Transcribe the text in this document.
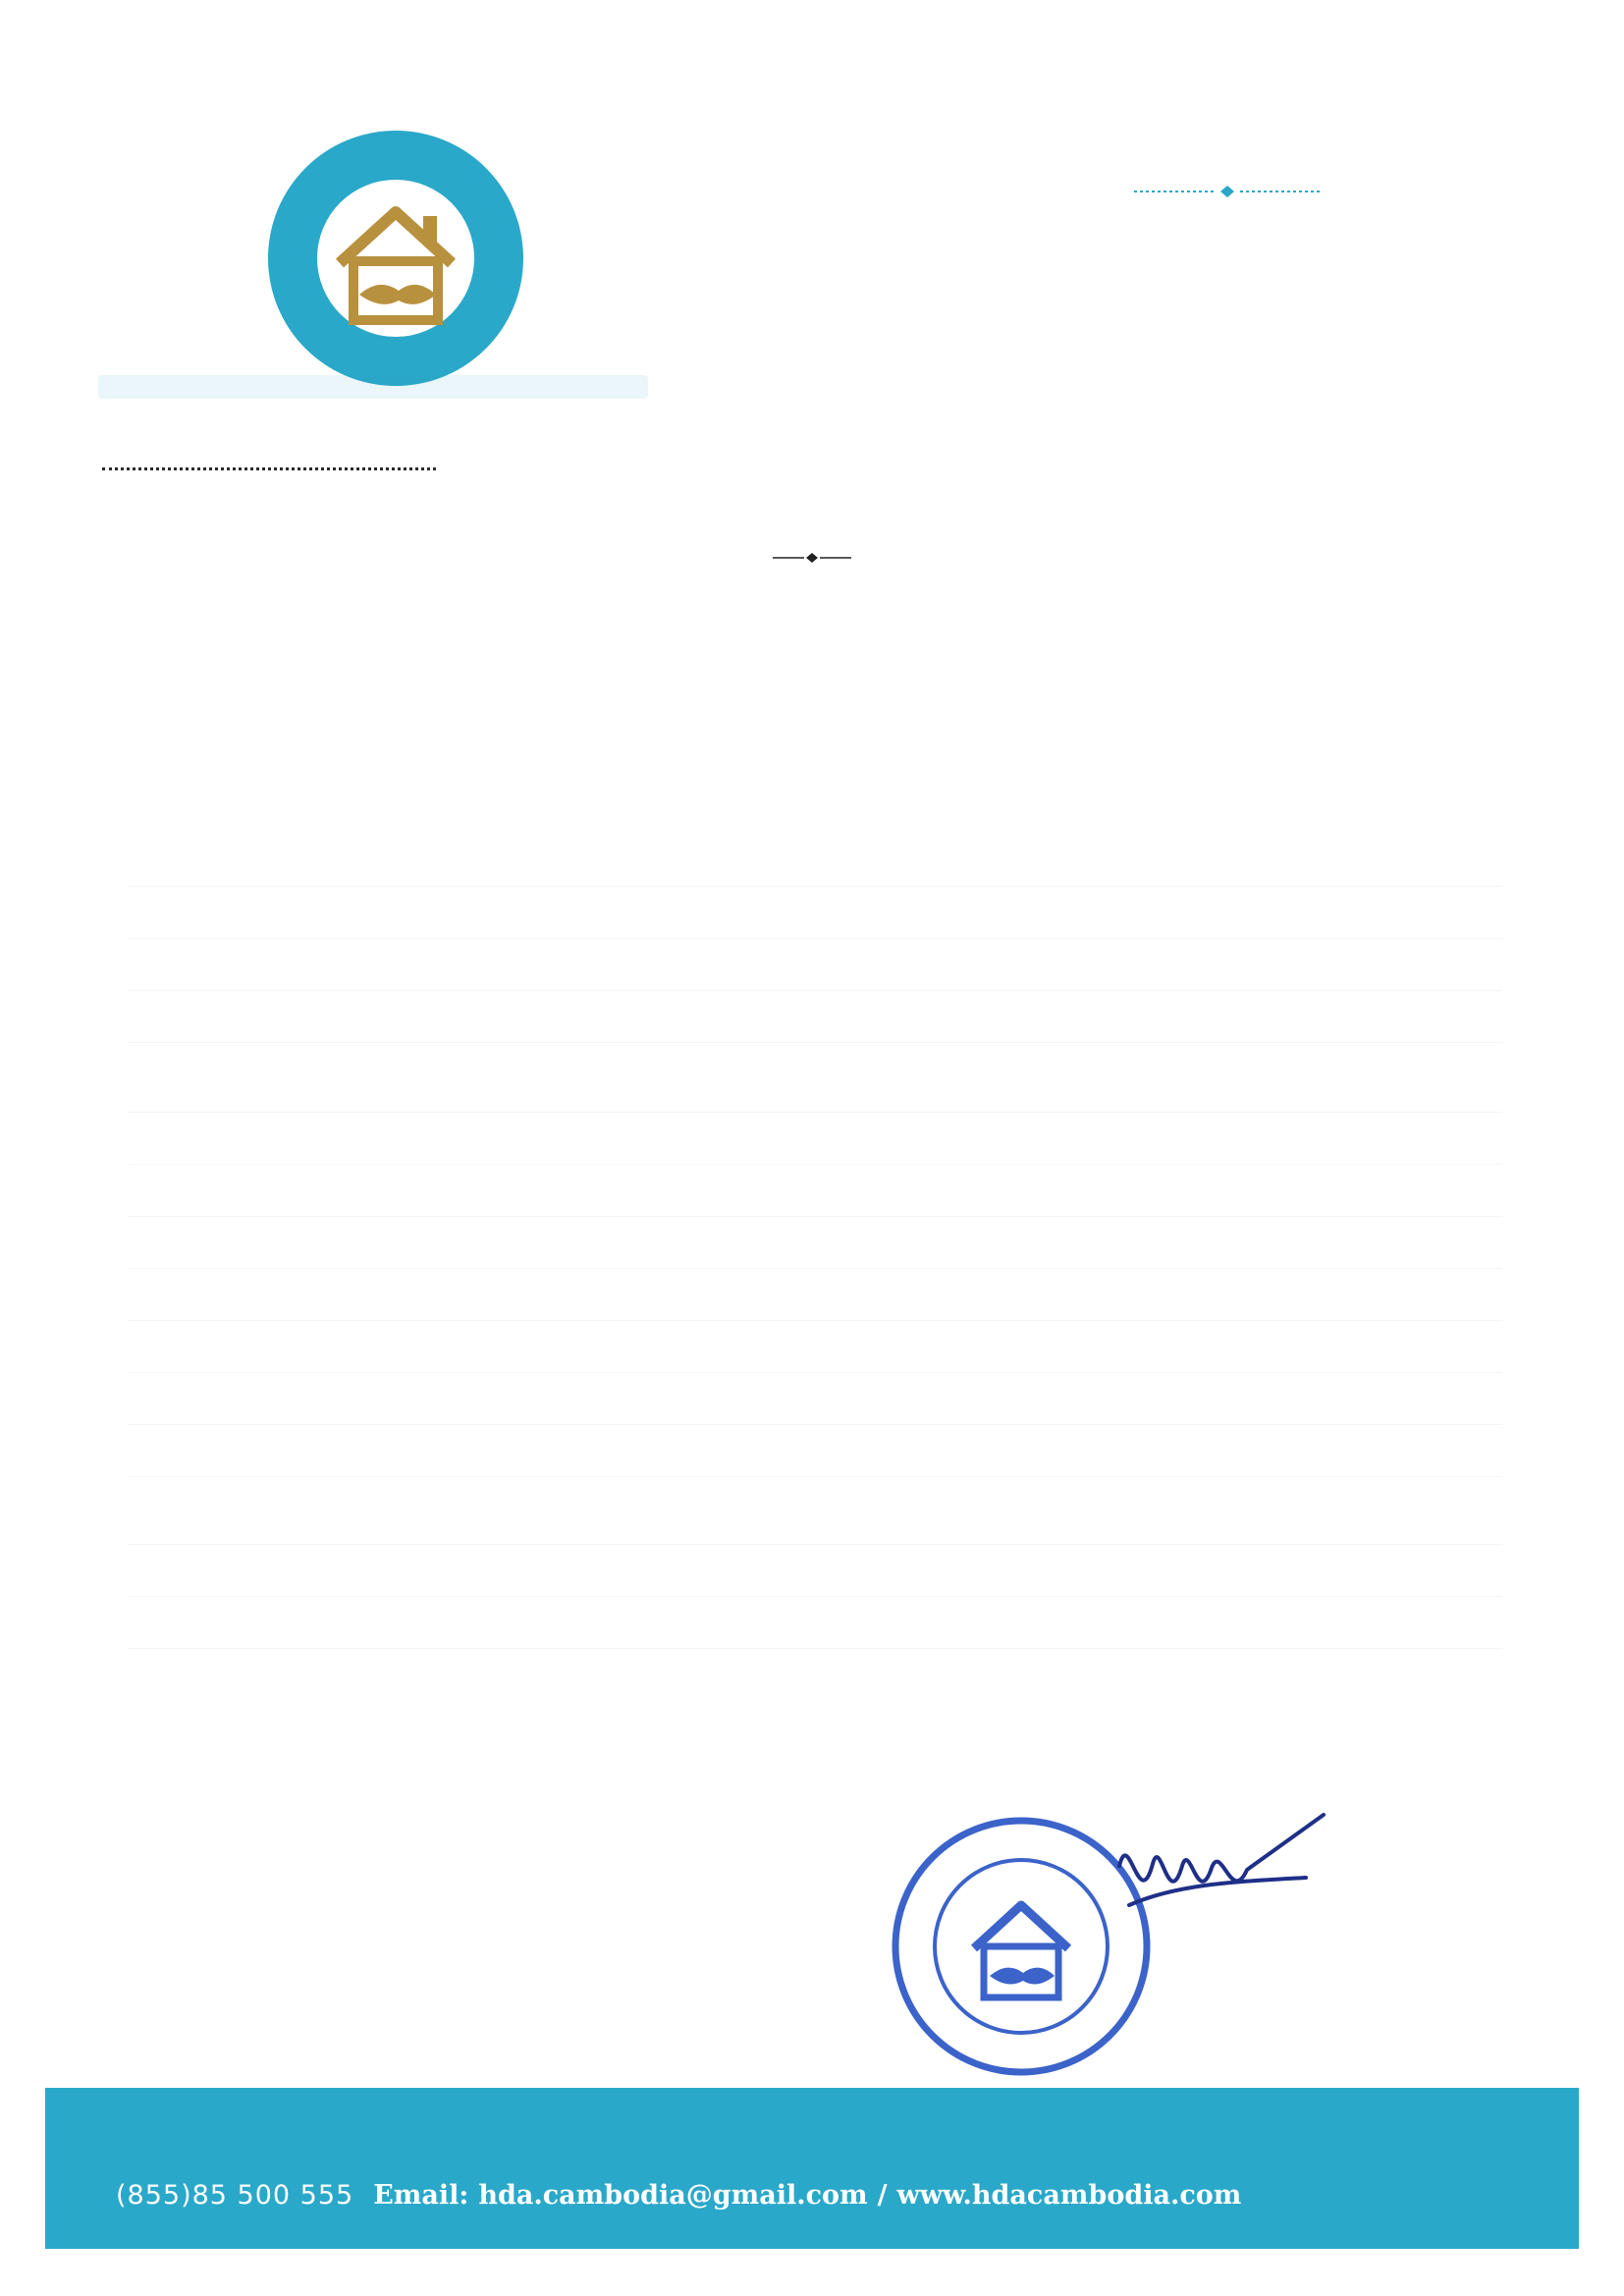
(855)85 500 555 Email: hda.cambodia@gmail.com / www.hdacambodia.com
